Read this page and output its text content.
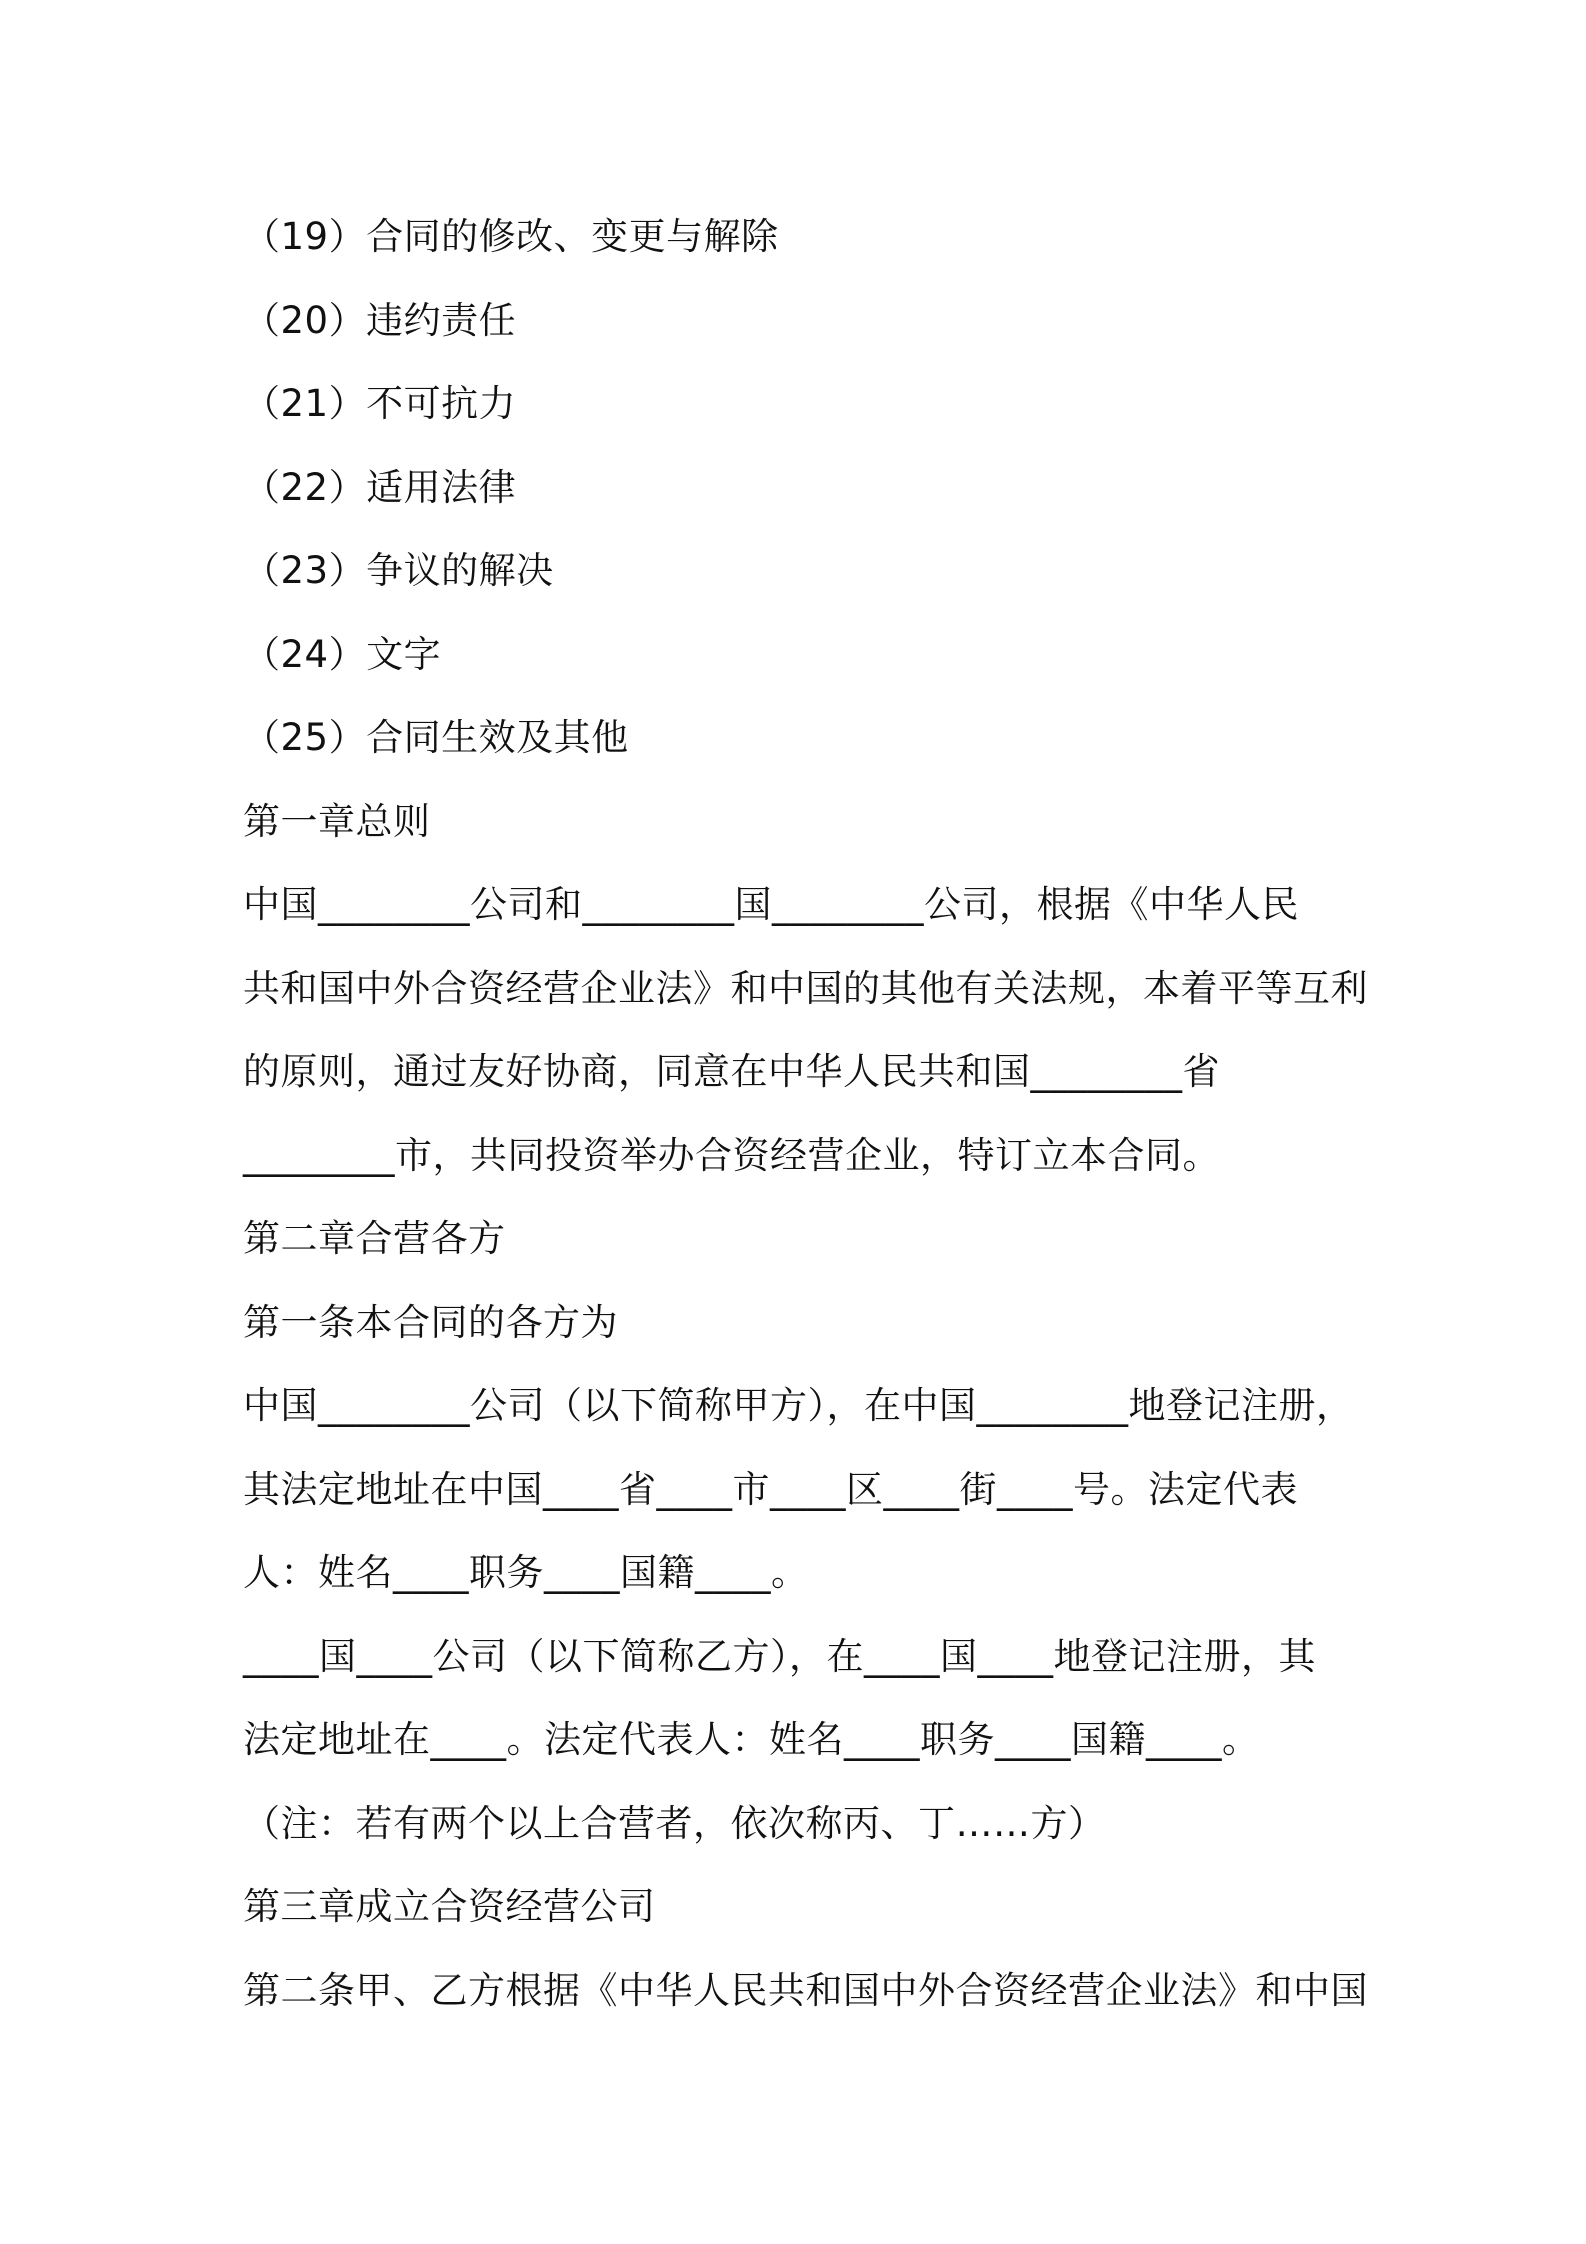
（19）合同的修改、变更与解除
（20）违约责任
（21）不可抗力
（22）适用法律
（23）争议的解决
（24）文字
（25）合同生效及其他
第一章总则
中国________公司和________国________公司，根据《中华人民
共和国中外合资经营企业法》和中国的其他有关法规，本着平等互利
的原则，通过友好协商，同意在中华人民共和国________省
________市，共同投资举办合资经营企业，特订立本合同。
第二章合营各方
第一条本合同的各方为
中国________公司（以下简称甲方），在中国________地登记注册，
其法定地址在中国____省____市____区____街____号。法定代表
人：姓名____职务____国籍____。
____国____公司（以下简称乙方），在____国____地登记注册，其
法定地址在____。法定代表人：姓名____职务____国籍____。
（注：若有两个以上合营者，依次称丙、丁……方）
第三章成立合资经营公司
第二条甲、乙方根据《中华人民共和国中外合资经营企业法》和中国
